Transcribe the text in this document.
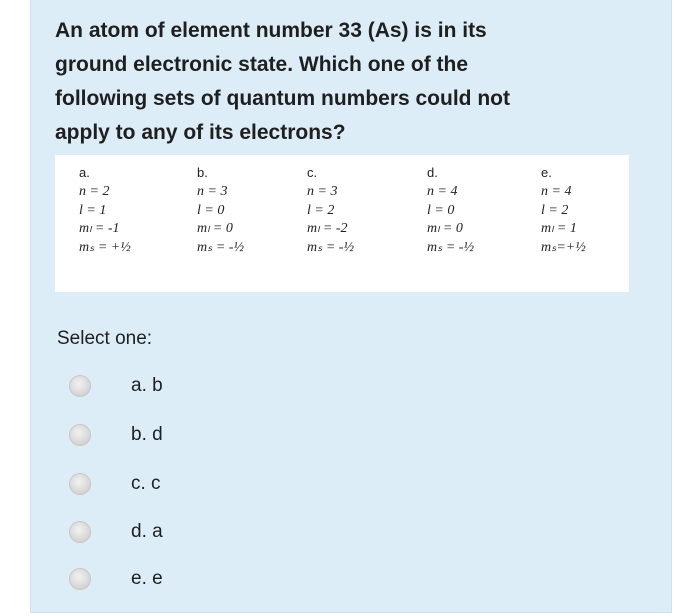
An atom of element number 33 (As) is in its
ground electronic state. Which one of the
following sets of quantum numbers could not
apply to any of its electrons?
a.
n = 2
l = 1
mₗ = -1
mₛ = +½
b.
n = 3
l = 0
mₗ = 0
mₛ = -½
c.
n = 3
l = 2
mₗ = -2
mₛ = -½
d.
n = 4
l = 0
mₗ = 0
mₛ = -½
e.
n = 4
l = 2
mₗ = 1
mₛ=+½
Select one:
a. b
b. d
c. c
d. a
e. e
